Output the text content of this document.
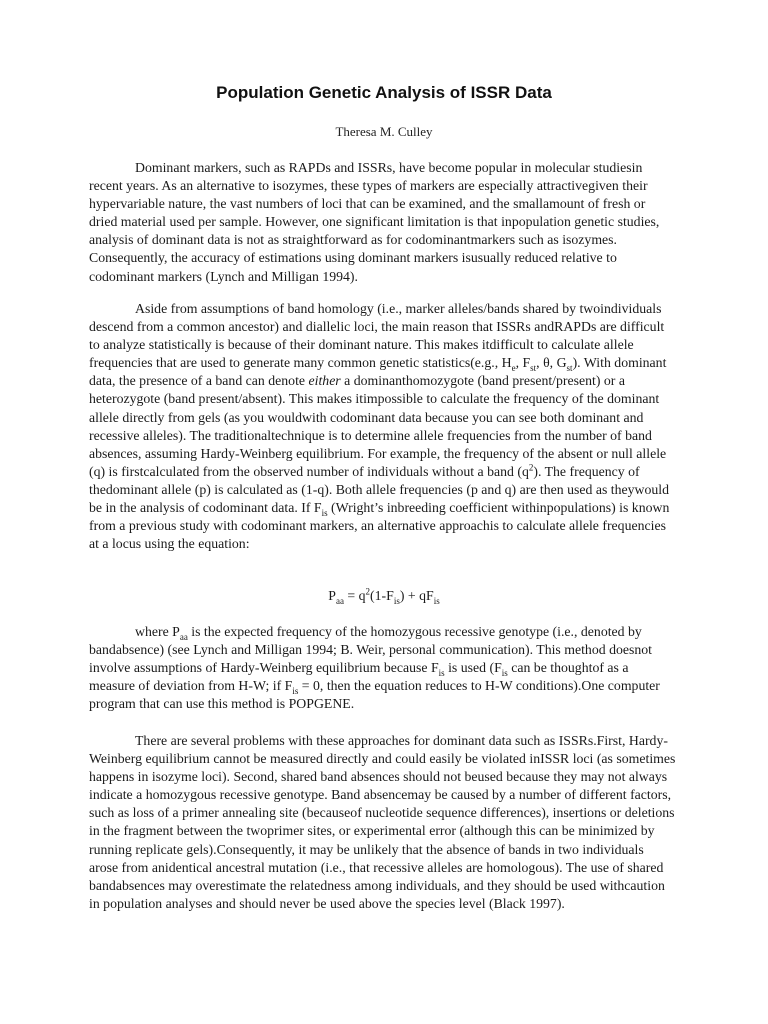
Population Genetic Analysis of ISSR Data
Theresa M. Culley
Dominant markers, such as RAPDs and ISSRs, have become popular in molecular studiesin recent years. As an alternative to isozymes, these types of markers are especially attractivegiven their hypervariable nature, the vast numbers of loci that can be examined, and the smallamount of fresh or dried material used per sample. However, one significant limitation is that inpopulation genetic studies, analysis of dominant data is not as straightforward as for codominantmarkers such as isozymes. Consequently, the accuracy of estimations using dominant markers isusually reduced relative to codominant markers (Lynch and Milligan 1994).
Aside from assumptions of band homology (i.e., marker alleles/bands shared by twoindividuals descend from a common ancestor) and diallelic loci, the main reason that ISSRs andRAPDs are difficult to analyze statistically is because of their dominant nature. This makes itdifficult to calculate allele frequencies that are used to generate many common genetic statistics(e.g., $H_e$, $F_{st}$, θ, $G_{st}$). With dominant data, the presence of a band can denote either a dominanthomozygote (band present/present) or a heterozygote (band present/absent). This makes itimpossible to calculate the frequency of the dominant allele directly from gels (as you wouldwith codominant data because you can see both dominant and recessive alleles). The traditionaltechnique is to determine allele frequencies from the number of band absences, assuming Hardy-Weinberg equilibrium. For example, the frequency of the absent or null allele (q) is firstcalculated from the observed number of individuals without a band $(q^2)$. The frequency of thedominant allele (p) is calculated as (1-q). Both allele frequencies (p and q) are then used as theywould be in the analysis of codominant data. If $F_{is}$ (Wright’s inbreeding coefficient withinpopulations) is known from a previous study with codominant markers, an alternative approachis to calculate allele frequencies at a locus using the equation:
$P_{aa} = q^2(1-F_{is}) + qF_{is}$
where $P_{aa}$ is the expected frequency of the homozygous recessive genotype (i.e., denoted by bandabsence) (see Lynch and Milligan 1994; B. Weir, personal communication). This method doesnot involve assumptions of Hardy-Weinberg equilibrium because $F_{is}$ is used ($F_{is}$ can be thoughtof as a measure of deviation from H-W; if $F_{is} = 0$, then the equation reduces to H-W conditions).One computer program that can use this method is POPGENE.
There are several problems with these approaches for dominant data such as ISSRs.First, Hardy-Weinberg equilibrium cannot be measured directly and could easily be violated inISSR loci (as sometimes happens in isozyme loci). Second, shared band absences should not beused because they may not always indicate a homozygous recessive genotype. Band absencemay be caused by a number of different factors, such as loss of a primer annealing site (becauseof nucleotide sequence differences), insertions or deletions in the fragment between the twoprimer sites, or experimental error (although this can be minimized by running replicate gels).Consequently, it may be unlikely that the absence of bands in two individuals arose from anidentical ancestral mutation (i.e., that recessive alleles are homologous). The use of shared bandabsences may overestimate the relatedness among individuals, and they should be used withcaution in population analyses and should never be used above the species level (Black 1997).
